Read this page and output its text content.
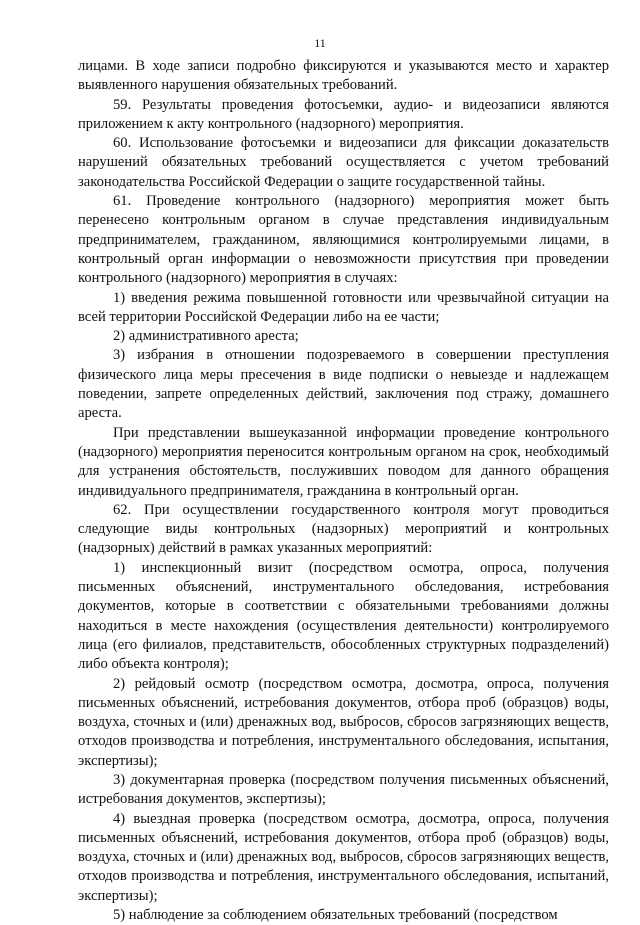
11

лицами. В ходе записи подробно фиксируются и указываются место и характер выявленного нарушения обязательных требований.

59. Результаты проведения фотосъемки, аудио- и видеозаписи являются приложением к акту контрольного (надзорного) мероприятия.

60. Использование фотосъемки и видеозаписи для фиксации доказательств нарушений обязательных требований осуществляется с учетом требований законодательства Российской Федерации о защите государственной тайны.

61. Проведение контрольного (надзорного) мероприятия может быть перенесено контрольным органом в случае представления индивидуальным предпринимателем, гражданином, являющимися контролируемыми лицами, в контрольный орган информации о невозможности присутствия при проведении контрольного (надзорного) мероприятия в случаях:

1) введения режима повышенной готовности или чрезвычайной ситуации на всей территории Российской Федерации либо на ее части;

2) административного ареста;

3) избрания в отношении подозреваемого в совершении преступления физического лица меры пресечения в виде подписки о невыезде и надлежащем поведении, запрете определенных действий, заключения под стражу, домашнего ареста.

При представлении вышеуказанной информации проведение контрольного (надзорного) мероприятия переносится контрольным органом на срок, необходимый для устранения обстоятельств, послуживших поводом для данного обращения индивидуального предпринимателя, гражданина в контрольный орган.

62. При осуществлении государственного контроля могут проводиться следующие виды контрольных (надзорных) мероприятий и контрольных (надзорных) действий в рамках указанных мероприятий:

1) инспекционный визит (посредством осмотра, опроса, получения письменных объяснений, инструментального обследования, истребования документов, которые в соответствии с обязательными требованиями должны находиться в месте нахождения (осуществления деятельности) контролируемого лица (его филиалов, представительств, обособленных структурных подразделений) либо объекта контроля);

2) рейдовый осмотр (посредством осмотра, досмотра, опроса, получения письменных объяснений, истребования документов, отбора проб (образцов) воды, воздуха, сточных и (или) дренажных вод, выбросов, сбросов загрязняющих веществ, отходов производства и потребления, инструментального обследования, испытания, экспертизы);

3) документарная проверка (посредством получения письменных объяснений, истребования документов, экспертизы);

4) выездная проверка (посредством осмотра, досмотра, опроса, получения письменных объяснений, истребования документов, отбора проб (образцов) воды, воздуха, сточных и (или) дренажных вод, выбросов, сбросов загрязняющих веществ, отходов производства и потребления, инструментального обследования, испытаний, экспертизы);

5) наблюдение за соблюдением обязательных требований (посредством
